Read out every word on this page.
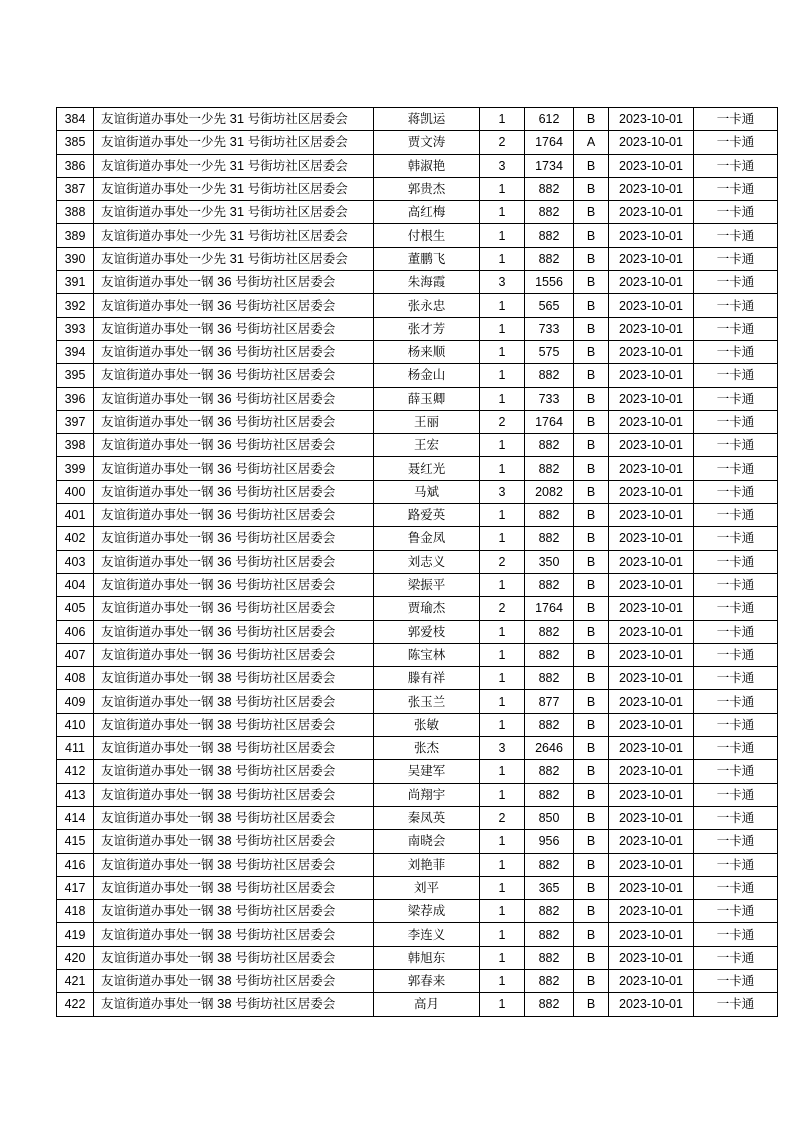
384	友谊街道办事处一少先 31 号街坊社区居委会	蒋凯运	1	612	B	2023-10-01	一卡通
385	友谊街道办事处一少先 31 号街坊社区居委会	贾文涛	2	1764	A	2023-10-01	一卡通
386	友谊街道办事处一少先 31 号街坊社区居委会	韩淑艳	3	1734	B	2023-10-01	一卡通
387	友谊街道办事处一少先 31 号街坊社区居委会	郭贵杰	1	882	B	2023-10-01	一卡通
388	友谊街道办事处一少先 31 号街坊社区居委会	高红梅	1	882	B	2023-10-01	一卡通
389	友谊街道办事处一少先 31 号街坊社区居委会	付根生	1	882	B	2023-10-01	一卡通
390	友谊街道办事处一少先 31 号街坊社区居委会	董鹏飞	1	882	B	2023-10-01	一卡通
391	友谊街道办事处一钢 36 号街坊社区居委会	朱海霞	3	1556	B	2023-10-01	一卡通
392	友谊街道办事处一钢 36 号街坊社区居委会	张永忠	1	565	B	2023-10-01	一卡通
393	友谊街道办事处一钢 36 号街坊社区居委会	张才芳	1	733	B	2023-10-01	一卡通
394	友谊街道办事处一钢 36 号街坊社区居委会	杨来顺	1	575	B	2023-10-01	一卡通
395	友谊街道办事处一钢 36 号街坊社区居委会	杨金山	1	882	B	2023-10-01	一卡通
396	友谊街道办事处一钢 36 号街坊社区居委会	薛玉卿	1	733	B	2023-10-01	一卡通
397	友谊街道办事处一钢 36 号街坊社区居委会	王丽	2	1764	B	2023-10-01	一卡通
398	友谊街道办事处一钢 36 号街坊社区居委会	王宏	1	882	B	2023-10-01	一卡通
399	友谊街道办事处一钢 36 号街坊社区居委会	聂红光	1	882	B	2023-10-01	一卡通
400	友谊街道办事处一钢 36 号街坊社区居委会	马斌	3	2082	B	2023-10-01	一卡通
401	友谊街道办事处一钢 36 号街坊社区居委会	路爱英	1	882	B	2023-10-01	一卡通
402	友谊街道办事处一钢 36 号街坊社区居委会	鲁金凤	1	882	B	2023-10-01	一卡通
403	友谊街道办事处一钢 36 号街坊社区居委会	刘志义	2	350	B	2023-10-01	一卡通
404	友谊街道办事处一钢 36 号街坊社区居委会	梁振平	1	882	B	2023-10-01	一卡通
405	友谊街道办事处一钢 36 号街坊社区居委会	贾瑜杰	2	1764	B	2023-10-01	一卡通
406	友谊街道办事处一钢 36 号街坊社区居委会	郭爱枝	1	882	B	2023-10-01	一卡通
407	友谊街道办事处一钢 36 号街坊社区居委会	陈宝林	1	882	B	2023-10-01	一卡通
408	友谊街道办事处一钢 38 号街坊社区居委会	滕有祥	1	882	B	2023-10-01	一卡通
409	友谊街道办事处一钢 38 号街坊社区居委会	张玉兰	1	877	B	2023-10-01	一卡通
410	友谊街道办事处一钢 38 号街坊社区居委会	张敏	1	882	B	2023-10-01	一卡通
411	友谊街道办事处一钢 38 号街坊社区居委会	张杰	3	2646	B	2023-10-01	一卡通
412	友谊街道办事处一钢 38 号街坊社区居委会	吴建军	1	882	B	2023-10-01	一卡通
413	友谊街道办事处一钢 38 号街坊社区居委会	尚翔宇	1	882	B	2023-10-01	一卡通
414	友谊街道办事处一钢 38 号街坊社区居委会	秦凤英	2	850	B	2023-10-01	一卡通
415	友谊街道办事处一钢 38 号街坊社区居委会	南晓会	1	956	B	2023-10-01	一卡通
416	友谊街道办事处一钢 38 号街坊社区居委会	刘艳菲	1	882	B	2023-10-01	一卡通
417	友谊街道办事处一钢 38 号街坊社区居委会	刘平	1	365	B	2023-10-01	一卡通
418	友谊街道办事处一钢 38 号街坊社区居委会	梁荐成	1	882	B	2023-10-01	一卡通
419	友谊街道办事处一钢 38 号街坊社区居委会	李连义	1	882	B	2023-10-01	一卡通
420	友谊街道办事处一钢 38 号街坊社区居委会	韩旭东	1	882	B	2023-10-01	一卡通
421	友谊街道办事处一钢 38 号街坊社区居委会	郭春来	1	882	B	2023-10-01	一卡通
422	友谊街道办事处一钢 38 号街坊社区居委会	高月	1	882	B	2023-10-01	一卡通
